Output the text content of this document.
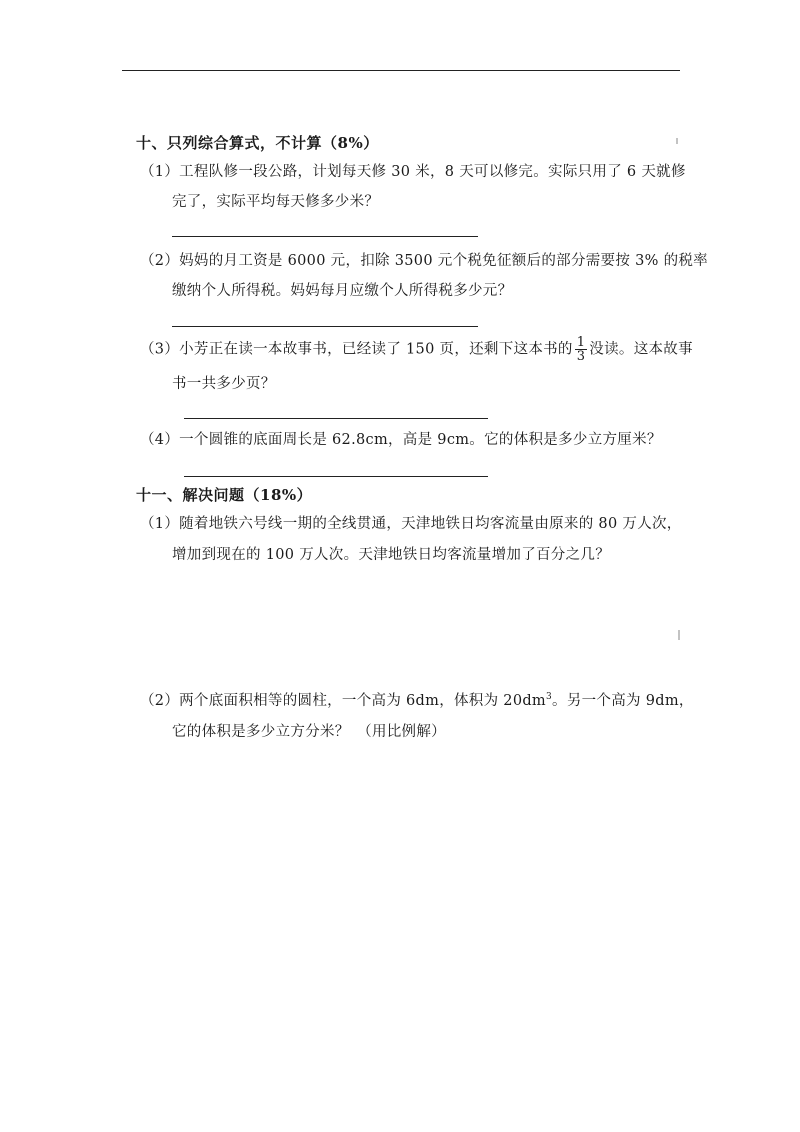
十、只列综合算式，不计算（8%）
（1）工程队修一段公路，计划每天修 30 米，8 天可以修完。实际只用了 6 天就修
完了，实际平均每天修多少米？
（2）妈妈的月工资是 6000 元，扣除 3500 元个税免征额后的部分需要按 3% 的税率
缴纳个人所得税。妈妈每月应缴个人所得税多少元？
（3）小芳正在读一本故事书，已经读了 150 页，还剩下这本书的 $\frac{1}{3}$ 没读。这本故事
书一共多少页？
（4）一个圆锥的底面周长是 62.8cm，高是 9cm。它的体积是多少立方厘米？
十一、解决问题（18%）
（1）随着地铁六号线一期的全线贯通，天津地铁日均客流量由原来的 80 万人次，
增加到现在的 100 万人次。天津地铁日均客流量增加了百分之几？
（2）两个底面积相等的圆柱，一个高为 6dm，体积为 $20dm^3$。另一个高为 9dm，
它的体积是多少立方分米？　（用比例解）
